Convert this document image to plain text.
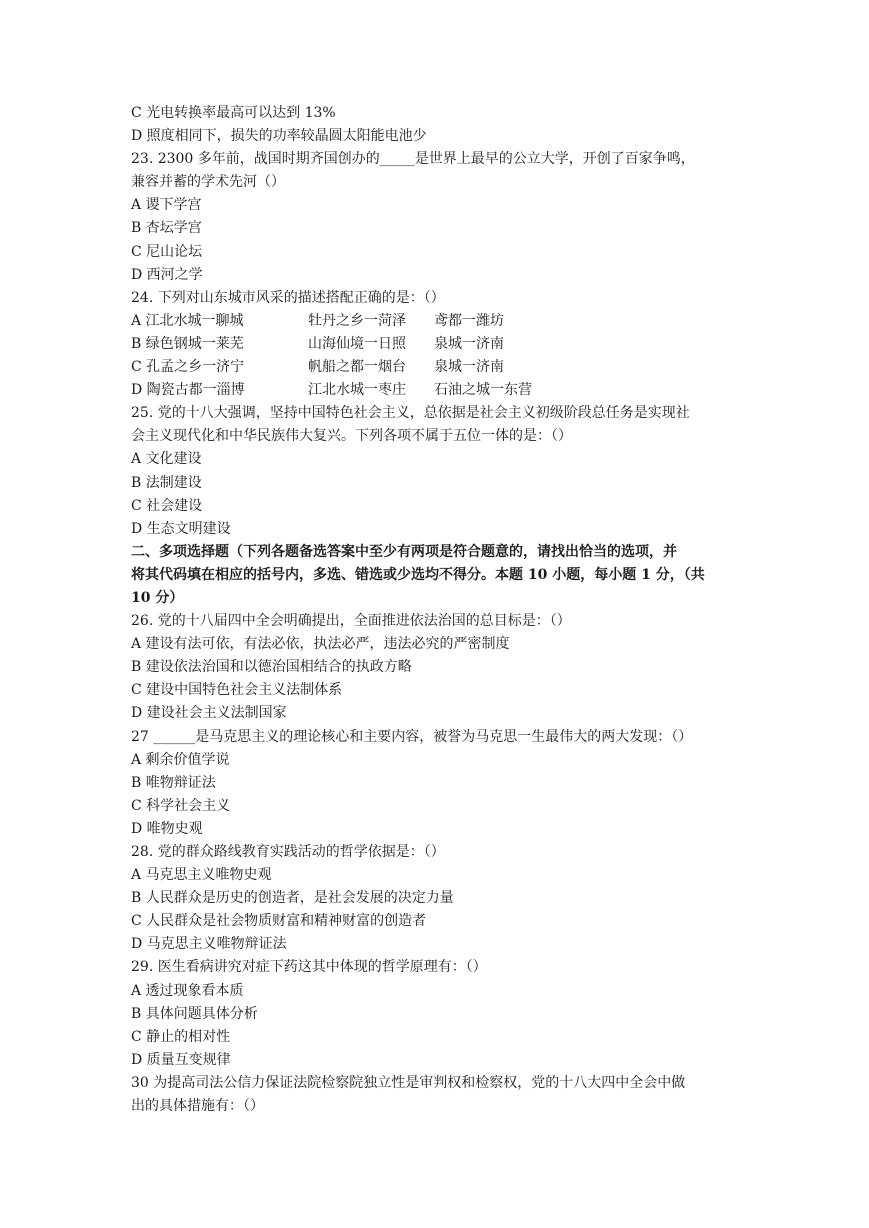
C 光电转换率最高可以达到 13%
D 照度相同下，损失的功率较晶圆太阳能电池少
23. 2300 多年前，战国时期齐国创办的_____是世界上最早的公立大学，开创了百家争鸣，
兼容并蓄的学术先河（）
A 谡下学宫
B 杏坛学宫
C 尼山论坛
D 西河之学
24. 下列对山东城市风采的描述搭配正确的是：（）
A 江北水城一聊城	牡丹之乡一菏泽	鸢都一潍坊
B 绿色钢城一莱芜	山海仙境一日照	泉城一济南
C 孔孟之乡一济宁	帆船之都一烟台	泉城一济南
D 陶瓷古都一淄博	江北水城一枣庄	石油之城一东营
25. 党的十八大强调，坚持中国特色社会主义，总依据是社会主义初级阶段总任务是实现社
会主义现代化和中华民族伟大复兴。下列各项不属于五位一体的是：（）
A 文化建设
B 法制建设
C 社会建设
D 生态文明建设
二、多项选择题（下列各题备选答案中至少有两项是符合题意的，请找出恰当的选项，并
将其代码填在相应的括号内，多选、错选或少选均不得分。本题 10 小题，每小题 1 分，（共
10 分）
26. 党的十八届四中全会明确提出，全面推进依法治国的总目标是：（）
A 建设有法可依，有法必依，执法必严，违法必究的严密制度
B 建设依法治国和以德治国相结合的执政方略
C 建设中国特色社会主义法制体系
D 建设社会主义法制国家
27 ______是马克思主义的理论核心和主要内容，被誉为马克思一生最伟大的两大发现：（）
A 剩余价值学说
B 唯物辩证法
C 科学社会主义
D 唯物史观
28. 党的群众路线教育实践活动的哲学依据是：（）
A 马克思主义唯物史观
B 人民群众是历史的创造者，是社会发展的决定力量
C 人民群众是社会物质财富和精神财富的创造者
D 马克思主义唯物辩证法
29. 医生看病讲究对症下药这其中体现的哲学原理有：（）
A 透过现象看本质
B 具体问题具体分析
C 静止的相对性
D 质量互变规律
30 为提高司法公信力保证法院检察院独立性是审判权和检察权，党的十八大四中全会中做
出的具体措施有：（）
